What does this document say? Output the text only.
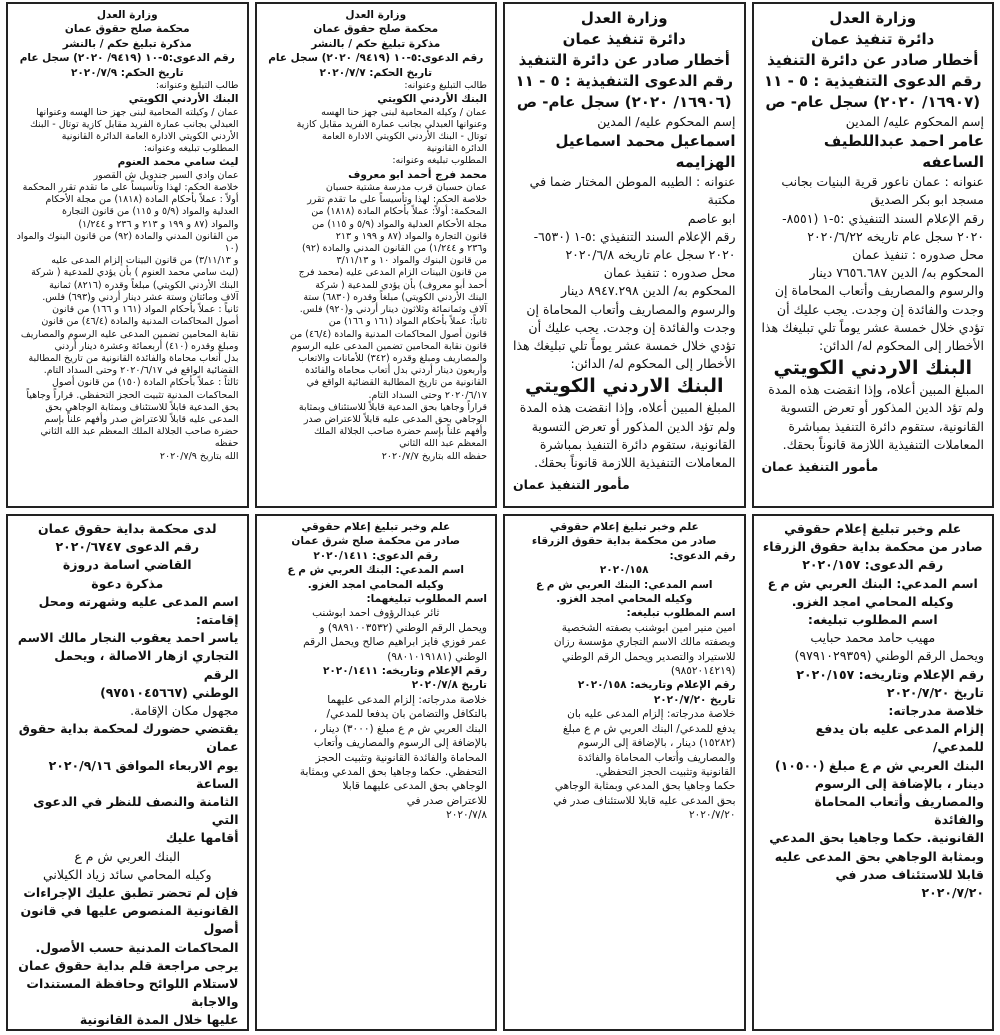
وزارة العدل
دائرة تنفيذ عمان
أخطار صادر عن دائرة التنفيذ
رقم الدعوى التنفيذية : ٥ - ١١
(١٦٩٠٧/ ٢٠٢٠) سجل عام- ص
إسم المحكوم عليه/ المدين
عامر احمد عبداللطيف الساعفه
عنوانه : عمان ناعور قرية البنيات بجانب
مسجد ابو بكر الصديق
رقم الإعلام السند التنفيذي :٥-١ (٨٥٥١-
٢٠٢٠ سجل عام تاريخه ٢٠٢٠/٦/٢٢
محل صدوره : تنفيذ عمان
المحكوم به/ الدين ٧٦٥٦.٦٨٧ دينار
والرسوم والمصاريف وأتعاب المحاماة إن
وجدت والفائدة إن وجدت. يجب عليك أن
تؤدي خلال خمسة عشر يوماً تلي تبليغك هذا
الأخطار إلى المحكوم له/ الدائن:
البنك الاردني الكويتي
المبلغ المبين أعلاه، وإذا انقضت هذه المدة
ولم تؤد الدين المذكور أو تعرض التسوية
القانونية، ستقوم دائرة التنفيذ بمباشرة
المعاملات التنفيذية اللازمة قانوناً بحقك.
مأمور التنفيذ عمان
وزارة العدل
دائرة تنفيذ عمان
أخطار صادر عن دائرة التنفيذ
رقم الدعوى التنفيذية : ٥ - ١١
(١٦٩٠٦/ ٢٠٢٠) سجل عام- ص
إسم المحكوم عليه/ المدين
اسماعيل محمد اسماعيل الهزايمه
عنوانه : الطيبه الموطن المختار ضما في مكتبة
ابو عاصم
رقم الإعلام السند التنفيذي :٥-١ (٦٥٣٠-
٢٠٢٠ سجل عام تاريخه ٢٠٢٠/٦/٨
محل صدوره : تنفيذ عمان
المحكوم به/ الدين ٨٩٤٧.٢٩٨ دينار
والرسوم والمصاريف وأتعاب المحاماة إن
وجدت والفائدة إن وجدت. يجب عليك أن
تؤدي خلال خمسة عشر يوماً تلي تبليغك هذا
الأخطار إلى المحكوم له/ الدائن:
البنك الاردني الكويتي
المبلغ المبين أعلاه، وإذا انقضت هذه المدة
ولم تؤد الدين المذكور أو تعرض التسوية
القانونية، ستقوم دائرة التنفيذ بمباشرة
المعاملات التنفيذية اللازمة قانوناً بحقك.
مأمور التنفيذ عمان
وزارة العدل
محكمة صلح حقوق عمان
مذكرة تبليغ حكم / بالنشر
رقم الدعوى:٥-١٠ (٩٤١٩/ ٢٠٢٠) سجل عام
تاريخ الحكم: ٢٠٢٠/٧/٧
طالب التبليغ وعنوانه:
البنك الأردني الكويتي
عمان / وكيله المحامية لبنى جهز حنا الهسه
وعنوانها العبدلي بجانب عمارة الفريد مقابل كازية
توتال - البنك الأردني الكويتي الادارة العامة
الدائرة القانونية
المطلوب تبليغه وعنوانه:
محمد فرج أحمد ابو معروف
عمان حسبان قرب مدرسة مشتية حسبان
خلاصة الحكم: لهذا وتأسيساً على ما تقدم تقرر
المحكمة: أولاً: عملاً بأحكام المادة (١٨١٨) من
مجلة الأحكام العدلية والمواد (٥/٩ و ١١٥) من
قانون التجارة والمواد (٨٧ و ١٩٩ و ٢١٣
و٢٣٦ و ١/٢٤٤) من القانون المدني والمادة (٩٢)
من قانون البنوك والمواد ١٠ و ٣/١١/١٣
من قانون البينات الزام المدعى عليه (محمد فرج
أحمد أبو معروف) بأن يؤدي للمدعية ( شركة
البنك الأردني الكويتي) مبلغاً وقدره (٦٨٣٠) ستة
آلاف وثمانمائة وثلاثون دينار أردني و(٩٢٠) فلس.
ثانياً: عملاً بأحكام المواد (١٦١ و ١٦٦) من
قانون أصول المحاكمات المدنية والمادة (٤٦/٤) من
قانون نقابة المحامين تضمين المدعى عليه الرسوم
والمصاريف ومبلغ وقدره (٣٤٢) للأمانات والاتعاب
وأربعون دينار أردني بدل أتعاب محاماة والفائدة
القانونية من تاريخ المطالبة القضائية الواقع في
٢٠٢٠/٦/١٧ وحتى السداد التام.
قراراً وجاهيا بحق المدعية قابلاً للاستئناف وبمثابة
الوجاهي بحق المدعى عليه قابلاً للاعتراض صدر
وأفهم علناً بإسم حضرة صاحب الجلالة الملك
المعظم عبد الله الثاني
حفظه الله بتاريخ ٢٠٢٠/٧/٧
وزارة العدل
محكمة صلح حقوق عمان
مذكرة تبليغ حكم / بالنشر
رقم الدعوى:٥-١٠ (٩٤١٩/ ٢٠٢٠) سجل عام
تاريخ الحكم: ٢٠٢٠/٧/٩
طالب التبليغ وعنوانه:
البنك الأردني الكويتي
عمان / وكيلته المحامية لبنى جهز حنا الهسه وعنوانها
العبدلي بجانب عمارة الفريد مقابل كازية توتال - البنك
الأردني الكويتي الادارة العامة الدائرة القانونية
المطلوب تبليغه وعنوانه:
ليث سامي محمد العنوم
عمان وادي السير جندويل ش القصور
خلاصة الحكم: لهذا وتأسيساً على ما تقدم تقرر المحكمة
أولاً : عملاً بأحكام المادة (١٨١٨) من مجلة الأحكام
العدلية والمواد (٥/٩ و ١١٥) من قانون التجارة
والمواد (٨٧ و ١٩٩ و ٢١٣ و ٢٣٦ و ١/٢٤٤)
من القانون المدني والمادة (٩٢) من قانون البنوك والمواد (١٠
و ٣/١١/١٣) من قانون البينات إلزام المدعى عليه
(ليث سامي محمد العنوم ) بأن يؤدي للمدعية ( شركة
البنك الأردني الكويتي) مبلغاً وقدره (٨٢١٦) ثمانية
آلاف ومائتان وستة عشر دينار أردني و(٦٩٣) فلس.
ثانياً : عملاً بأحكام المواد (١٦١ و ١٦٦) من قانون
أصول المحاكمات المدنية والمادة (٤٦/٤) من قانون
نقابة المحامين تضمين المدعى عليه الرسوم والمصاريف
ومبلغ وقدره (٤١٠) أربعمائة وعشرة دينار أردني
بدل أتعاب محاماة والفائدة القانونية من تاريخ المطالبة
القضائية الواقع في ٢٠٢٠/٦/١٧ وحتى السداد التام.
ثالثاً : عملاً بأحكام المادة (١٥٠) من قانون أصول
المحاكمات المدنية تثبيت الحجز التحفظي. قراراً وجاهياً
بحق المدعية قابلاً للاستئناف وبمثابة الوجاهي بحق
المدعى عليه قابلاً للاعتراض صدر وأفهم علناً بإسم
حضرة صاحب الجلالة الملك المعظم عبد الله الثاني حفظه
الله بتاريخ ٢٠٢٠/٧/٩
علم وخبر تبليغ إعلام حقوقي
صادر من محكمة بداية حقوق الزرقاء
رقم الدعوى: ٢٠٢٠/١٥٧
اسم المدعي: البنك العربي ش م ع
وكيله المحامي امجد الغزو.
اسم المطلوب تبليغه:
مهيب حامد محمد حبايب
ويحمل الرقم الوطني (٩٧٩١٠٢٩٣٥٩)
رقم الإعلام وتاريخه: ٢٠٢٠/١٥٧
تاريخ ٢٠٢٠/٧/٢٠
خلاصة مدرجاته:
إلزام المدعى عليه بان يدفع للمدعي/
البنك العربي ش م ع مبلغ (١٠٥٠٠)
دينار ، بالإضافة إلى الرسوم
والمصاريف وأتعاب المحاماة والفائدة
القانونية. حكما وجاهيا بحق المدعي
وبمثابة الوجاهي بحق المدعى عليه
قابلا للاستئناف صدر في
٢٠٢٠/٧/٢٠
علم وخبر تبليغ إعلام حقوقي
صادر من محكمة بداية حقوق الزرقاء
رقم الدعوى:
٢٠٢٠/١٥٨
اسم المدعي: البنك العربي ش م ع
وكيله المحامي امجد الغزو.
اسم المطلوب تبليغه:
امين منير امين ابوشنب بصفته الشخصية
وبصفته مالك الاسم التجاري مؤسسة رزان
للاستيراد والتصدير ويحمل الرقم الوطني
(٩٨٥٢٠١٤٢١٩)
رقم الإعلام وتاريخه: ٢٠٢٠/١٥٨
تاريخ ٢٠٢٠/٧/٢٠
خلاصة مدرجاته: إلزام المدعى عليه بان
يدفع للمدعي/ البنك العربي ش م ع مبلغ
(١٥٢٨٢) دينار ، بالإضافة إلى الرسوم
والمصاريف وأتعاب المحاماة والفائدة
القانونية وتثبيت الحجز التحفظي.
حكما وجاهيا بحق المدعي وبمثابة الوجاهي
بحق المدعى عليه قابلا للاستئناف صدر في
٢٠٢٠/٧/٢٠
علم وخبر تبليغ إعلام حقوقي
صادر من محكمة صلح شرق عمان
رقم الدعوى: ٢٠٢٠/١٤١١
اسم المدعي: البنك العربي ش م ع
وكيله المحامي امجد الغزو.
اسم المطلوب تبليغهما:
ثائر عبدالرؤوف احمد ابوشنب
ويحمل الرقم الوطني (٩٨٩١٠٠٣٥٣٢) و
عمر فوزي فايز ابراهيم صالح ويحمل الرقم
الوطني (٩٨٠١٠١٩١٨١)
رقم الإعلام وتاريخه: ٢٠٢٠/١٤١١
تاريخ ٢٠٢٠/٧/٨
خلاصة مدرجاته: إلزام المدعى عليهما
بالتكافل والتضامن بان يدفعا للمدعي/
البنك العربي ش م ع مبلغ (٣٠٠٠) دينار ،
بالإضافة إلى الرسوم والمصاريف وأتعاب
المحاماة والفائدة القانونية وتثبيت الحجز
التحفظي. حكما وجاهيا بحق المدعي وبمثابة
الوجاهي بحق المدعى عليهما قابلا
للاعتراض صدر في
٢٠٢٠/٧/٨
لدى محكمة بداية حقوق عمان
رقم الدعوى ٢٠٢٠/٦٧٤٧
القاضي اسامة دروزة
مذكرة دعوة
اسم المدعى عليه وشهرته ومحل إقامته:
ياسر احمد يعقوب النجار مالك الاسم
التجاري ازهار الاصالة ، ويحمل الرقم
الوطني (٩٧٥١٠٤٥٦٦٧)
مجهول مكان الإقامة.
يقتضي حضورك لمحكمة بداية حقوق عمان
يوم الاربعاء الموافق ٢٠٢٠/٩/١٦ الساعة
الثامنة والنصف للنظر في الدعوى التي
أقامها عليك
البنك العربي ش م ع
وكيله المحامي سائد زياد الكيلاني
فإن لم تحضر تطبق عليك الإجراءات
القانونية المنصوص عليها في قانون أصول
المحاكمات المدنية حسب الأصول.
يرجى مراجعة قلم بداية حقوق عمان
لاستلام اللوائح وحافظة المستندات والاجابة
عليها خلال المدة القانونية
